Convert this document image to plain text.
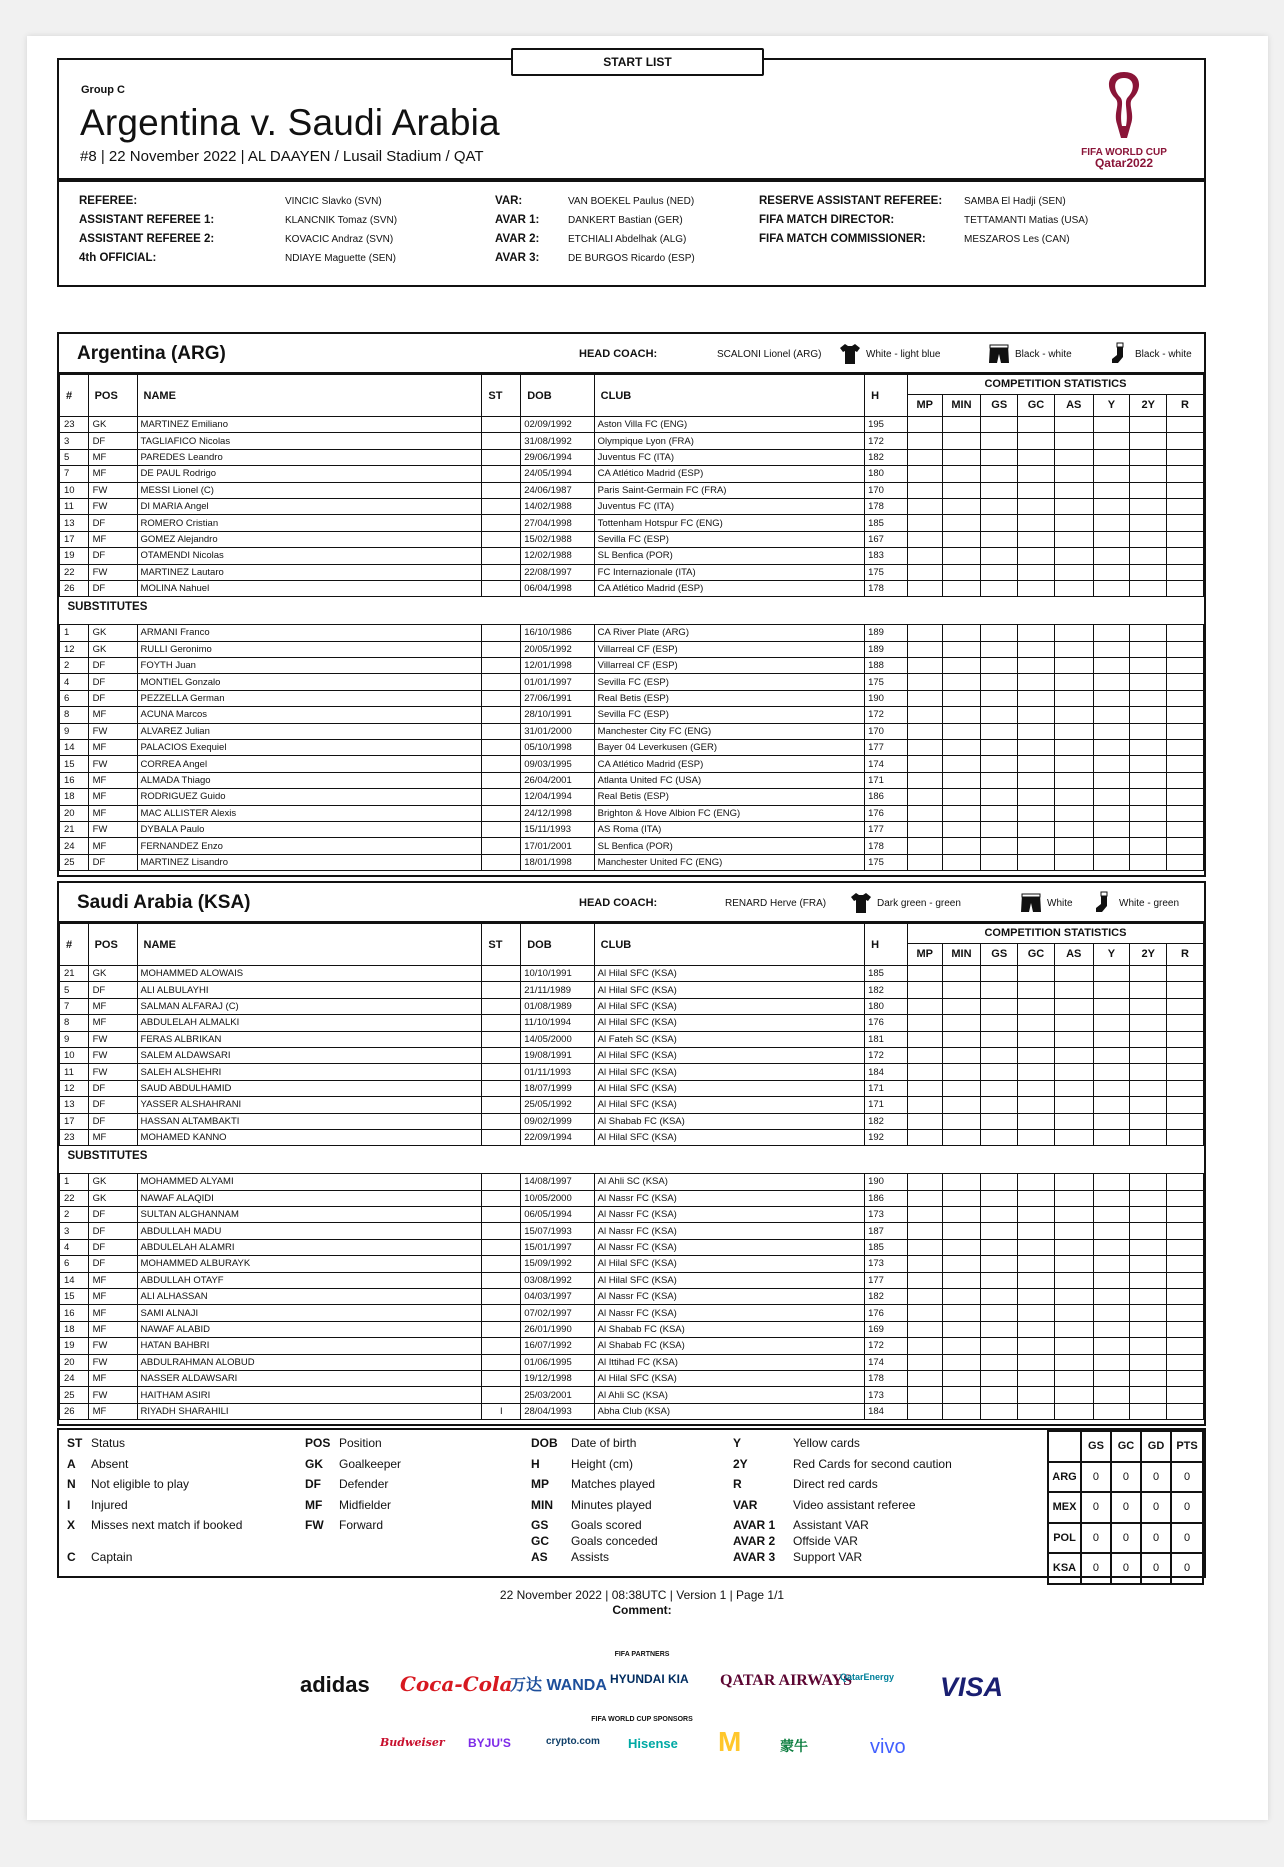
Group C
Argentina v. Saudi Arabia
#8 | 22 November 2022 | AL DAAYEN / Lusail Stadium / QAT	FIFA WORLD CUP
Qatar2022
START LIST
REFEREE:	VINCIC Slavko (SVN)
ASSISTANT REFEREE 1:	KLANCNIK Tomaz (SVN)
ASSISTANT REFEREE 2:	KOVACIC Andraz (SVN)
4th OFFICIAL:	NDIAYE Maguette (SEN)
VAR:	VAN BOEKEL Paulus (NED)
AVAR 1:	DANKERT Bastian (GER)
AVAR 2:	ETCHIALI Abdelhak (ALG)
AVAR 3:	DE BURGOS Ricardo (ESP)
RESERVE ASSISTANT REFEREE: SAMBA El Hadji (SEN)
FIFA MATCH DIRECTOR:	TETTAMANTI Matias (USA)
FIFA MATCH COMMISSIONER:	MESZAROS Les (CAN)
Argentina (ARG)	HEAD COACH:	SCALONI Lionel (ARG)	White - light blue	Black - white	Black - white
#	POS	NAME	ST	DOB	CLUB	H	COMPETITION STATISTICS							
							MP	MIN	GS	GC	AS	Y	2Y	R
23	GK	MARTINEZ Emiliano		02/09/1992	Aston Villa FC (ENG)	195								
3	DF	TAGLIAFICO Nicolas		31/08/1992	Olympique Lyon (FRA)	172								
5	MF	PAREDES Leandro		29/06/1994	Juventus FC (ITA)	182								
7	MF	DE PAUL Rodrigo		24/05/1994	CA Atlético Madrid (ESP)	180								
10	FW	MESSI Lionel (C)		24/06/1987	Paris Saint-Germain FC (FRA)	170								
11	FW	DI MARIA Angel		14/02/1988	Juventus FC (ITA)	178								
13	DF	ROMERO Cristian		27/04/1998	Tottenham Hotspur FC (ENG)	185								
17	MF	GOMEZ Alejandro		15/02/1988	Sevilla FC (ESP)	167								
19	DF	OTAMENDI Nicolas		12/02/1988	SL Benfica (POR)	183								
22	FW	MARTINEZ Lautaro		22/08/1997	FC Internazionale (ITA)	175								
26	DF	MOLINA Nahuel		06/04/1998	CA Atlético Madrid (ESP)	178								
SUBSTITUTES														
1	GK	ARMANI Franco		16/10/1986	CA River Plate (ARG)	189								
12	GK	RULLI Geronimo		20/05/1992	Villarreal CF (ESP)	189								
2	DF	FOYTH Juan		12/01/1998	Villarreal CF (ESP)	188								
4	DF	MONTIEL Gonzalo		01/01/1997	Sevilla FC (ESP)	175								
6	DF	PEZZELLA German		27/06/1991	Real Betis (ESP)	190								
8	MF	ACUNA Marcos		28/10/1991	Sevilla FC (ESP)	172								
9	FW	ALVAREZ Julian		31/01/2000	Manchester City FC (ENG)	170								
14	MF	PALACIOS Exequiel		05/10/1998	Bayer 04 Leverkusen (GER)	177								
15	FW	CORREA Angel		09/03/1995	CA Atlético Madrid (ESP)	174								
16	MF	ALMADA Thiago		26/04/2001	Atlanta United FC (USA)	171								
18	MF	RODRIGUEZ Guido		12/04/1994	Real Betis (ESP)	186								
20	MF	MAC ALLISTER Alexis		24/12/1998	Brighton & Hove Albion FC (ENG)	176								
21	FW	DYBALA Paulo		15/11/1993	AS Roma (ITA)	177								
24	MF	FERNANDEZ Enzo		17/01/2001	SL Benfica (POR)	178								
25	DF	MARTINEZ Lisandro		18/01/1998	Manchester United FC (ENG)	175								
Saudi Arabia (KSA)	HEAD COACH:	RENARD Herve (FRA)	Dark green - green	White	White - green
#	POS	NAME	ST	DOB	CLUB	H	COMPETITION STATISTICS							
							MP	MIN	GS	GC	AS	Y	2Y	R
21	GK	MOHAMMED ALOWAIS		10/10/1991	Al Hilal SFC (KSA)	185								
5	DF	ALI ALBULAYHI		21/11/1989	Al Hilal SFC (KSA)	182								
7	MF	SALMAN ALFARAJ (C)		01/08/1989	Al Hilal SFC (KSA)	180								
8	MF	ABDULELAH ALMALKI		11/10/1994	Al Hilal SFC (KSA)	176								
9	FW	FERAS ALBRIKAN		14/05/2000	Al Fateh SC (KSA)	181								
10	FW	SALEM ALDAWSARI		19/08/1991	Al Hilal SFC (KSA)	172								
11	FW	SALEH ALSHEHRI		01/11/1993	Al Hilal SFC (KSA)	184								
12	DF	SAUD ABDULHAMID		18/07/1999	Al Hilal SFC (KSA)	171								
13	DF	YASSER ALSHAHRANI		25/05/1992	Al Hilal SFC (KSA)	171								
17	DF	HASSAN ALTAMBAKTI		09/02/1999	Al Shabab FC (KSA)	182								
23	MF	MOHAMED KANNO		22/09/1994	Al Hilal SFC (KSA)	192								
SUBSTITUTES														
1	GK	MOHAMMED ALYAMI		14/08/1997	Al Ahli SC (KSA)	190								
22	GK	NAWAF ALAQIDI		10/05/2000	Al Nassr FC (KSA)	186								
2	DF	SULTAN ALGHANNAM		06/05/1994	Al Nassr FC (KSA)	173								
3	DF	ABDULLAH MADU		15/07/1993	Al Nassr FC (KSA)	187								
4	DF	ABDULELAH ALAMRI		15/01/1997	Al Nassr FC (KSA)	185								
6	DF	MOHAMMED ALBURAYK		15/09/1992	Al Hilal SFC (KSA)	173								
14	MF	ABDULLAH OTAYF		03/08/1992	Al Hilal SFC (KSA)	177								
15	MF	ALI ALHASSAN		04/03/1997	Al Nassr FC (KSA)	182								
16	MF	SAMI ALNAJI		07/02/1997	Al Nassr FC (KSA)	176								
18	MF	NAWAF ALABID		26/01/1990	Al Shabab FC (KSA)	169								
19	FW	HATAN BAHBRI		16/07/1992	Al Shabab FC (KSA)	172								
20	FW	ABDULRAHMAN ALOBUD		01/06/1995	Al Ittihad FC (KSA)	174								
24	MF	NASSER ALDAWSARI		19/12/1998	Al Hilal SFC (KSA)	178								
25	FW	HAITHAM ASIRI		25/03/2001	Al Ahli SC (KSA)	173								
26	MF	RIYADH SHARAHILI	I	28/04/1993	Abha Club (KSA)	184								
ST Status
A Absent
N Not eligible to play
I Injured
X Misses next match if booked
C Captain
POS Position
GK Goalkeeper
DF Defender
MF Midfielder
FW Forward
DOB Date of birth
H	Height (cm)
MP Matches played
MIN Minutes played
GS Goals scored
GC Goals conceded
AS Assists
Y	Yellow cards
2Y	Red Cards for second caution
R	Direct red cards
VAR	Video assistant referee
AVAR 1 Assistant VAR
AVAR 2 Offside VAR
AVAR 3 Support VAR
	GS	GC	GD	PTS
ARG	0	0	0	0
MEX	0	0	0	0
POL	0	0	0	0
KSA	0	0	0	0
22 November 2022 | 08:38UTC | Version 1 | Page 1/1
Comment:
FIFA PARTNERS
adidas Coca-Cola
万达 WANDA HYUNDAI KIA QATAR AIRWAYS
QatarEnergy VISA
FIFA WORLD CUP SPONSORS
Budweiser BYJU'S	crypto.com Hisense M	蒙牛	vivo
